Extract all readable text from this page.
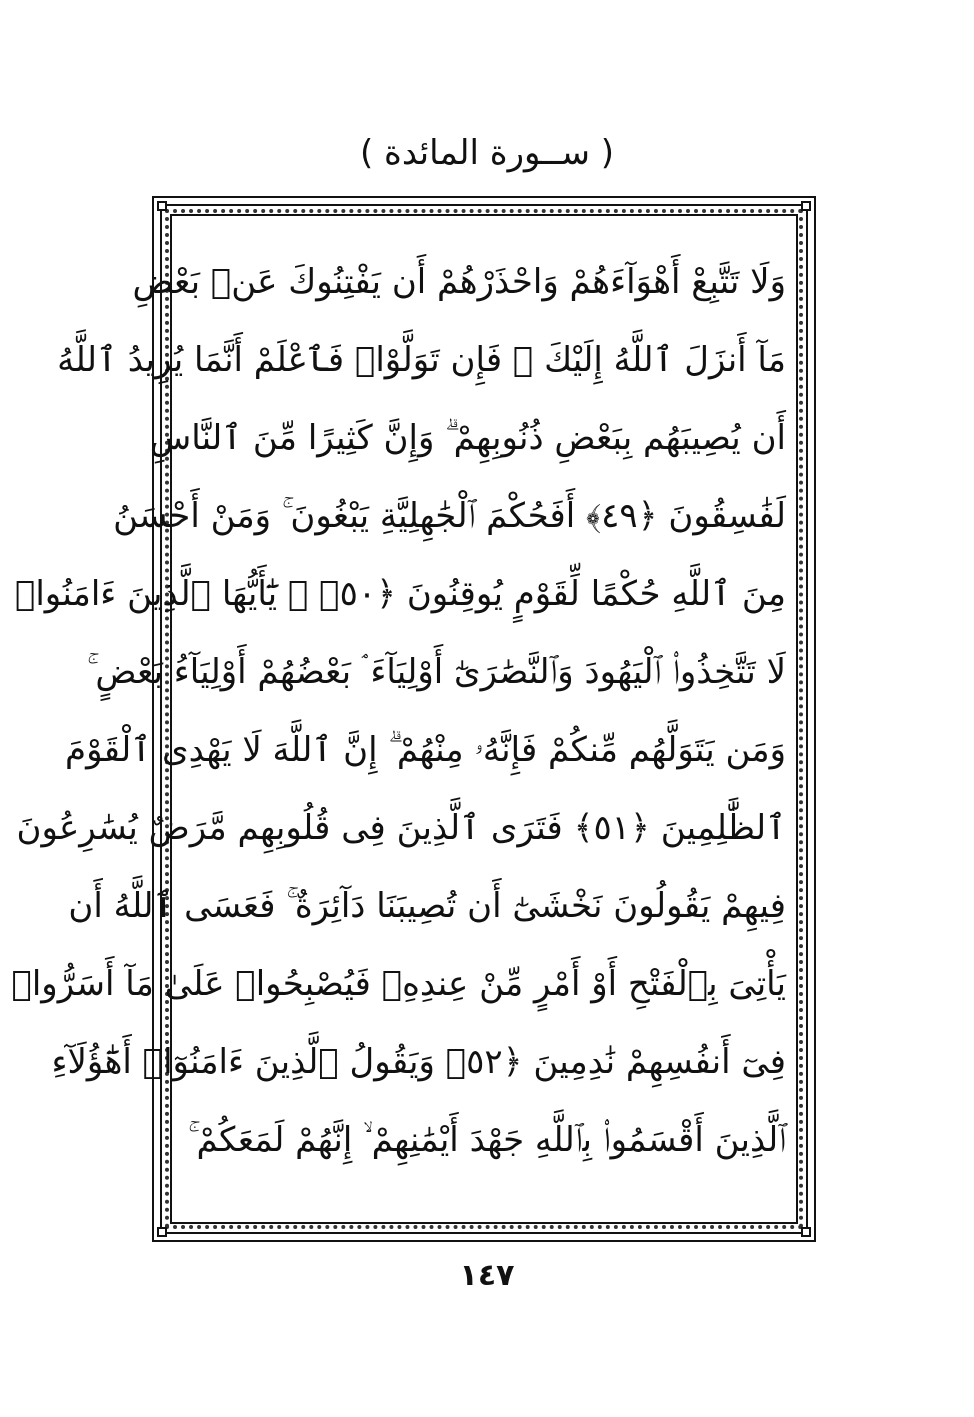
( ســورة المائدة )
وَلَا تَتَّبِعْ أَهْوَآءَهُمْ وَاحْذَرْهُمْ أَن يَفْتِنُوكَ عَنۢ بَعْضِ
مَآ أَنزَلَ ٱللَّهُ إِلَيْكَ ۖ فَإِن تَوَلَّوْا۟ فَٱعْلَمْ أَنَّمَا يُرِيدُ ٱللَّهُ
أَن يُصِيبَهُم بِبَعْضِ ذُنُوبِهِمْ ۗ وَإِنَّ كَثِيرًا مِّنَ ٱلنَّاسِ
لَفَٰسِقُونَ ﴿٤٩﴾ أَفَحُكْمَ ٱلْجَٰهِلِيَّةِ يَبْغُونَ ۚ وَمَنْ أَحْسَنُ
مِنَ ٱللَّهِ حُكْمًا لِّقَوْمٍ يُوقِنُونَ ﴿٥٠﴾ ۞ يَٰٓأَيُّهَا ٱلَّذِينَ ءَامَنُوا۟
لَا تَتَّخِذُوا۟ ٱلْيَهُودَ وَٱلنَّصَٰرَىٰٓ أَوْلِيَآءَ ۘ بَعْضُهُمْ أَوْلِيَآءُ بَعْضٍ ۚ
وَمَن يَتَوَلَّهُم مِّنكُمْ فَإِنَّهُۥ مِنْهُمْ ۗ إِنَّ ٱللَّهَ لَا يَهْدِى ٱلْقَوْمَ
ٱلظَّٰلِمِينَ ﴿٥١﴾ فَتَرَى ٱلَّذِينَ فِى قُلُوبِهِم مَّرَضٌ يُسَٰرِعُونَ
فِيهِمْ يَقُولُونَ نَخْشَىٰٓ أَن تُصِيبَنَا دَآئِرَةٌ ۚ فَعَسَى ٱللَّهُ أَن
يَأْتِىَ بِٱلْفَتْحِ أَوْ أَمْرٍ مِّنْ عِندِهِۦ فَيُصْبِحُوا۟ عَلَىٰ مَآ أَسَرُّوا۟
فِىٓ أَنفُسِهِمْ نَٰدِمِينَ ﴿٥٢﴾ وَيَقُولُ ٱلَّذِينَ ءَامَنُوٓا۟ أَهَٰٓؤُلَآءِ
ٱلَّذِينَ أَقْسَمُوا۟ بِٱللَّهِ جَهْدَ أَيْمَٰنِهِمْ ۙ إِنَّهُمْ لَمَعَكُمْ ۚ
١٤٧
